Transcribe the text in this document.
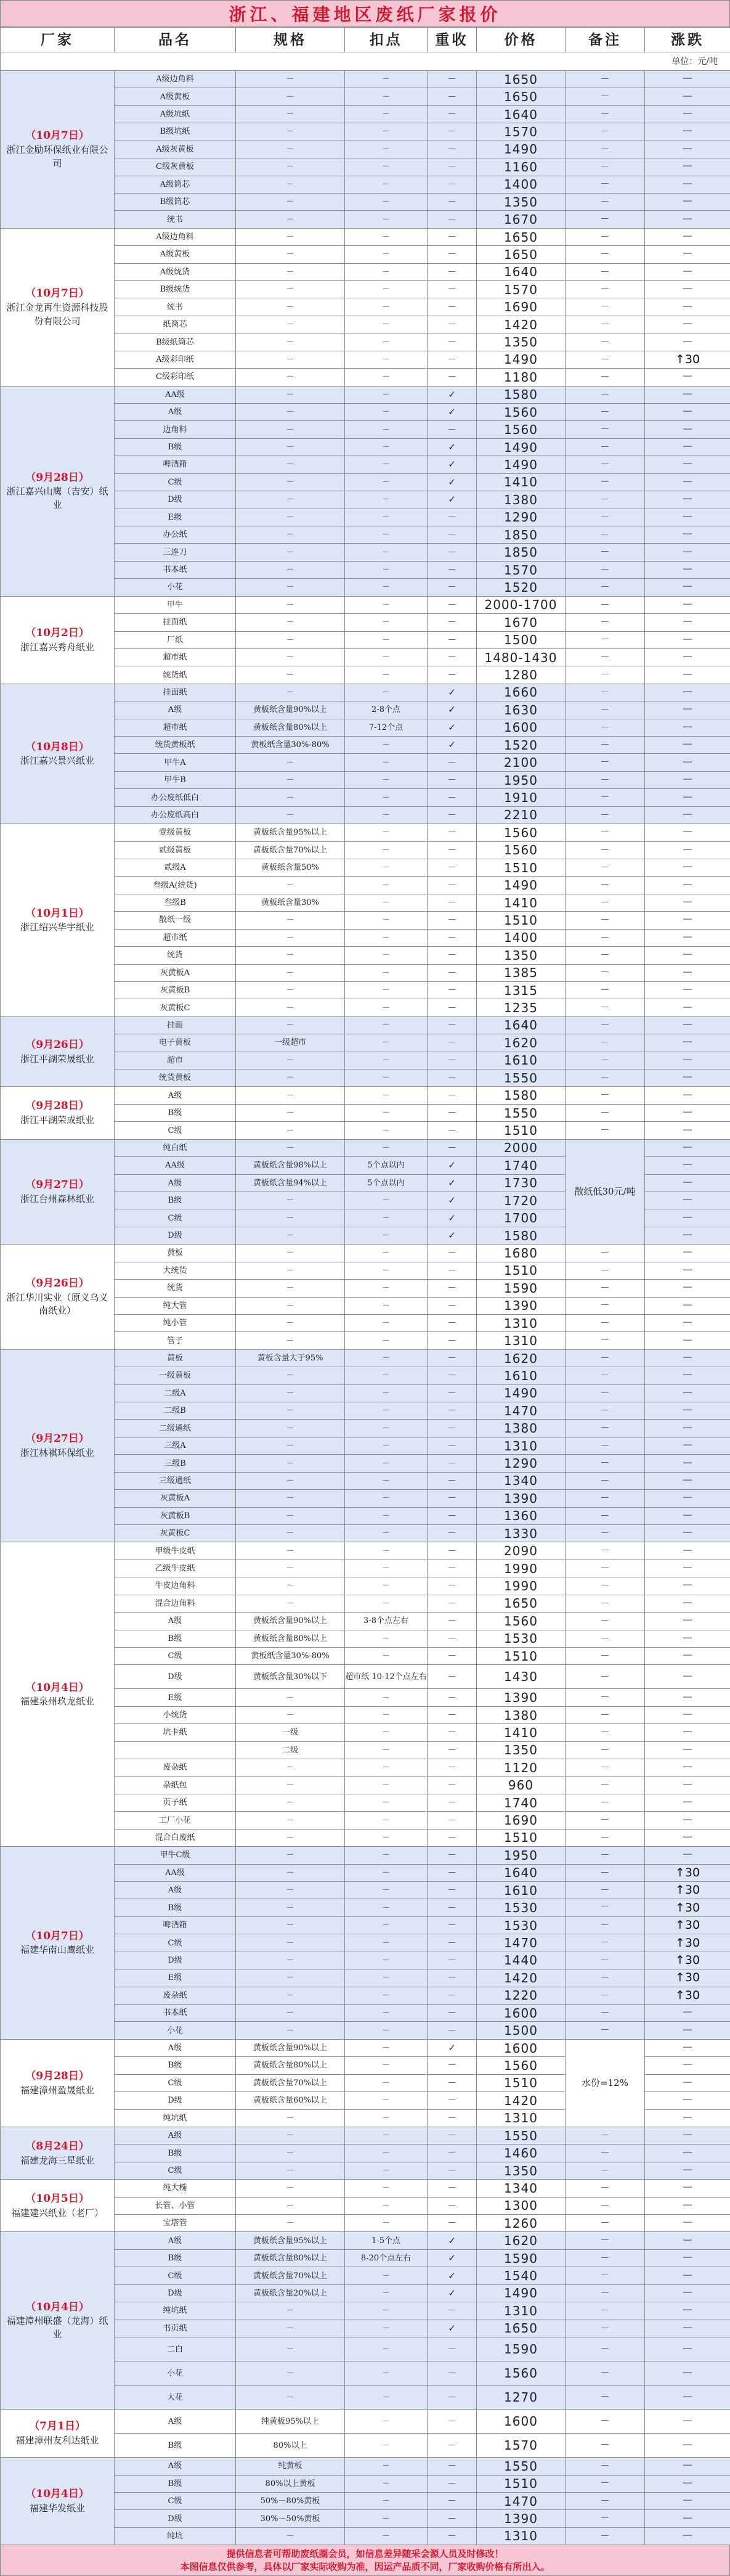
浙江、福建地区废纸厂家报价
厂家	品名	规格	扣点	重收	价格	备注	涨跌
单位：元/吨							

（10月7日）
浙江金励环保纸业有限公司	A级边角料	－	－	－	1650	－	－
	A级黄板	－	－	－	1650	－	－
	A级坑纸	－	－	－	1640	－	－
	B级坑纸	－	－	－	1570	－	－
	A级灰黄板	－	－	－	1490	－	－
	C级灰黄板	－	－	－	1160	－	－
	A级筒芯	－	－	－	1400	－	－
	B级筒芯	－	－	－	1350	－	－
	统书	－	－	－	1670	－	－

（10月7日）
浙江金龙再生资源科技股份有限公司	A级边角料	－	－	－	1650	－	－
	A级黄板	－	－	－	1650	－	－
	A级统货	－	－	－	1640	－	－
	B级统货	－	－	－	1570	－	－
	统书	－	－	－	1690	－	－
	纸筒芯	－	－	－	1420	－	－
	B级纸筒芯	－	－	－	1350	－	－
	A级彩印纸	－	－	－	1490	－	↑30
	C级彩印纸	－	－	－	1180	－	－

（9月28日）
浙江嘉兴山鹰（吉安）纸业	AA级	－	－	✓	1580	－	－
	A级	－	－	✓	1560	－	－
	边角料	－	－	－	1560	－	－
	B级	－	－	✓	1490	－	－
	啤酒箱	－	－	✓	1490	－	－
	C级	－	－	✓	1410	－	－
	D级	－	－	✓	1380	－	－
	E级	－	－	－	1290	－	－
	办公纸	－	－	－	1850	－	－
	三连刀	－	－	－	1850	－	－
	书本纸	－	－	－	1570	－	－
	小花	－	－	－	1520	－	－

（10月2日）
浙江嘉兴秀舟纸业	甲牛	－	－	－	2000-1700	－	－
	挂面纸	－	－	－	1670	－	－
	厂纸	－	－	－	1500	－	－
	超市纸	－	－	－	1480-1430	－	－
	统货纸	－	－	－	1280	－	－

（10月8日）
浙江嘉兴景兴纸业	挂面纸	－	－	✓	1660	－	－
	A级	黄板纸含量90%以上	2-8个点	✓	1630	－	－
	超市纸	黄板纸含量80%以上	7-12个点	✓	1600	－	－
	统货黄板纸	黄板纸含量30%-80%	－	✓	1520	－	－
	甲牛A	－	－	－	2100	－	－
	甲牛B	－	－	－	1950	－	－
	办公废纸低白	－	－	－	1910	－	－
	办公废纸高白	－	－	－	2210	－	－

（10月1日）
浙江绍兴华宇纸业	壹级黄板	黄板纸含量95%以上	－	－	1560	－	－
	贰级黄板	黄板纸含量70%以上	－	－	1560	－	－
	贰级A	黄板纸含量50%	－	－	1510	－	－
	叁级A(统货)	－	－	－	1490	－	－
	叁级B	黄板纸含量30%	－	－	1410	－	－
	散纸一级	－	－	－	1510	－	－
	超市纸	－	－	－	1400	－	－
	统货	－	－	－	1350	－	－
	灰黄板A	－	－	－	1385	－	－
	灰黄板B	－	－	－	1315	－	－
	灰黄板C	－	－	－	1235	－	－

（9月26日）
浙江平湖荣晟纸业	挂面	－	－	－	1640	－	－
	电子黄板	一级超市	－	－	1620	－	－
	超市	－	－	－	1610	－	－
	统货黄板	－	－	－	1550	－	－

（9月28日）
浙江平湖荣成纸业	A级	－	－	－	1580	－	－
	B级	－	－	－	1550	－	－
	C级	－	－	－	1510	－	－

（9月27日）
浙江台州森林纸业	纯白纸	－	－	－	2000	散纸低30元/吨	－
	AA级	黄板纸含量98%以上	5个点以内	✓	1740		－
	A级	黄板纸含量94%以上	5个点以内	✓	1730		－
	B级	－	－	✓	1720		－
	C级	－	－	✓	1700		－
	D级	－	－	✓	1580		－

（9月26日）
浙江华川实业（原义乌义南纸业）	黄板	－	－	－	1680	－	－
	大统货	－	－	－	1510	－	－
	统货	－	－	－	1590	－	－
	纯大管	－	－	－	1390	－	－
	纯小管	－	－	－	1310	－	－
	管子	－	－	－	1310	－	－

（9月27日）
浙江林祺环保纸业	黄板	黄板含量大于95%	－	－	1620	－	－
	一级黄板	－	－	－	1610	－	－
	二级A	－	－	－	1490	－	－
	二级B	－	－	－	1470	－	－
	二级通纸	－	－	－	1380	－	－
	三级A	－	－	－	1310	－	－
	三级B	－	－	－	1290	－	－
	三级通纸	－	－	－	1340	－	－
	灰黄板A	－	－	－	1390	－	－
	灰黄板B	－	－	－	1360	－	－
	灰黄板C	－	－	－	1330	－	－

（10月4日）
福建泉州玖龙纸业	甲级牛皮纸	－	－	－	2090	－	－
	乙级牛皮纸	－	－	－	1990	－	－
	牛皮边角料	－	－	－	1990	－	－
	混合边角料	－	－	－	1650	－	－
	A级	黄板纸含量90%以上	3-8个点左右	－	1560	－	－
	B级	黄板纸含量80%以上	－	－	1530	－	－
	C级	黄板纸含量30%-80%	－	－	1510	－	－
	D级	黄板纸含量30%以下	超市纸 10-12个点左右	－	1430	－	－
	E级	－	－	－	1390	－	－
	小统货	－	－	－	1380	－	－
	坑卡纸	一级	－	－	1410	－	－
		二级	－	－	1350	－	－
	废杂纸	－	－	－	1120	－	－
	杂纸包	－	－	－	960	－	－
	页子纸	－	－	－	1740	－	－
	工厂小花	－	－	－	1690	－	－
	混合白废纸	－	－	－	1510	－	－

（10月7日）
福建华南山鹰纸业	甲牛C级	－	－	－	1950	－	－
	AA级	－	－	－	1640	－	↑30
	A级	－	－	－	1610	－	↑30
	B级	－	－	－	1530	－	↑30
	啤酒箱	－	－	－	1530	－	↑30
	C级	－	－	－	1470	－	↑30
	D级	－	－	－	1440	－	↑30
	E级	－	－	－	1420	－	↑30
	废杂纸	－	－	－	1220	－	↑30
	书本纸	－	－	－	1600	－	－
	小花	－	－	－	1500	－	－

（9月28日）
福建漳州盈晟纸业	A级	黄板纸含量90%以上	－	✓	1600	水份=12%	－
	B级	黄板纸含量80%以上	－	－	1560		－
	C级	黄板纸含量70%以上	－	－	1510		－
	D级	黄板纸含量60%以上	－	－	1420		－
	纯坑纸	－	－	－	1310		－

（8月24日）
福建龙海三星纸业	A级	－	－	－	1550	－	－
	B级	－	－	－	1460	－	－
	C级	－	－	－	1350	－	－

（10月5日）
福建建兴纸业（老厂）	纯大椭	－	－	－	1340	－	－
	长管、小管	－	－	－	1300	－	－
	宝塔管	－	－	－	1260	－	－

（10月4日）
福建漳州联盛（龙海）纸业	A级	黄板纸含量95%以上	1-5个点	✓	1620	－	－
	B级	黄板纸含量80%以上	8-20个点左右	✓	1590	－	－
	C级	黄板纸含量70%以上	－	✓	1540	－	－
	D级	黄板纸含量20%以上	－	✓	1490	－	－
	纯坑纸	－	－	－	1310	－	－
	书页纸	－	－	✓	1650	－	－
	二白	－	－	－	1590	－	－
	小花	－	－	－	1560	－	－
	大花	－	－	－	1270	－	－

（7月1日）
福建漳州友利达纸业	A级	纯黄板95%以上	－	－	1600	－	－
	B级	80%以上	－	－	1570	－	－

（10月4日）
福建华发纸业	A级	纯黄板	－	－	1550	－	－
	B级	80%以上黄板	－	－	1510	－	－
	C级	50%－80%黄板	－	－	1470	－	－
	D级	30%－50%黄板	－	－	1390	－	－
	纯坑	－	－	－	1310	－	－
提供信息者可帮助废纸圈会员，如信息差异随采会源人员及时修改！
本图信息仅供参考，具体以厂家实际收购为准，因运产品质不同，厂家收购价格有所出入。
